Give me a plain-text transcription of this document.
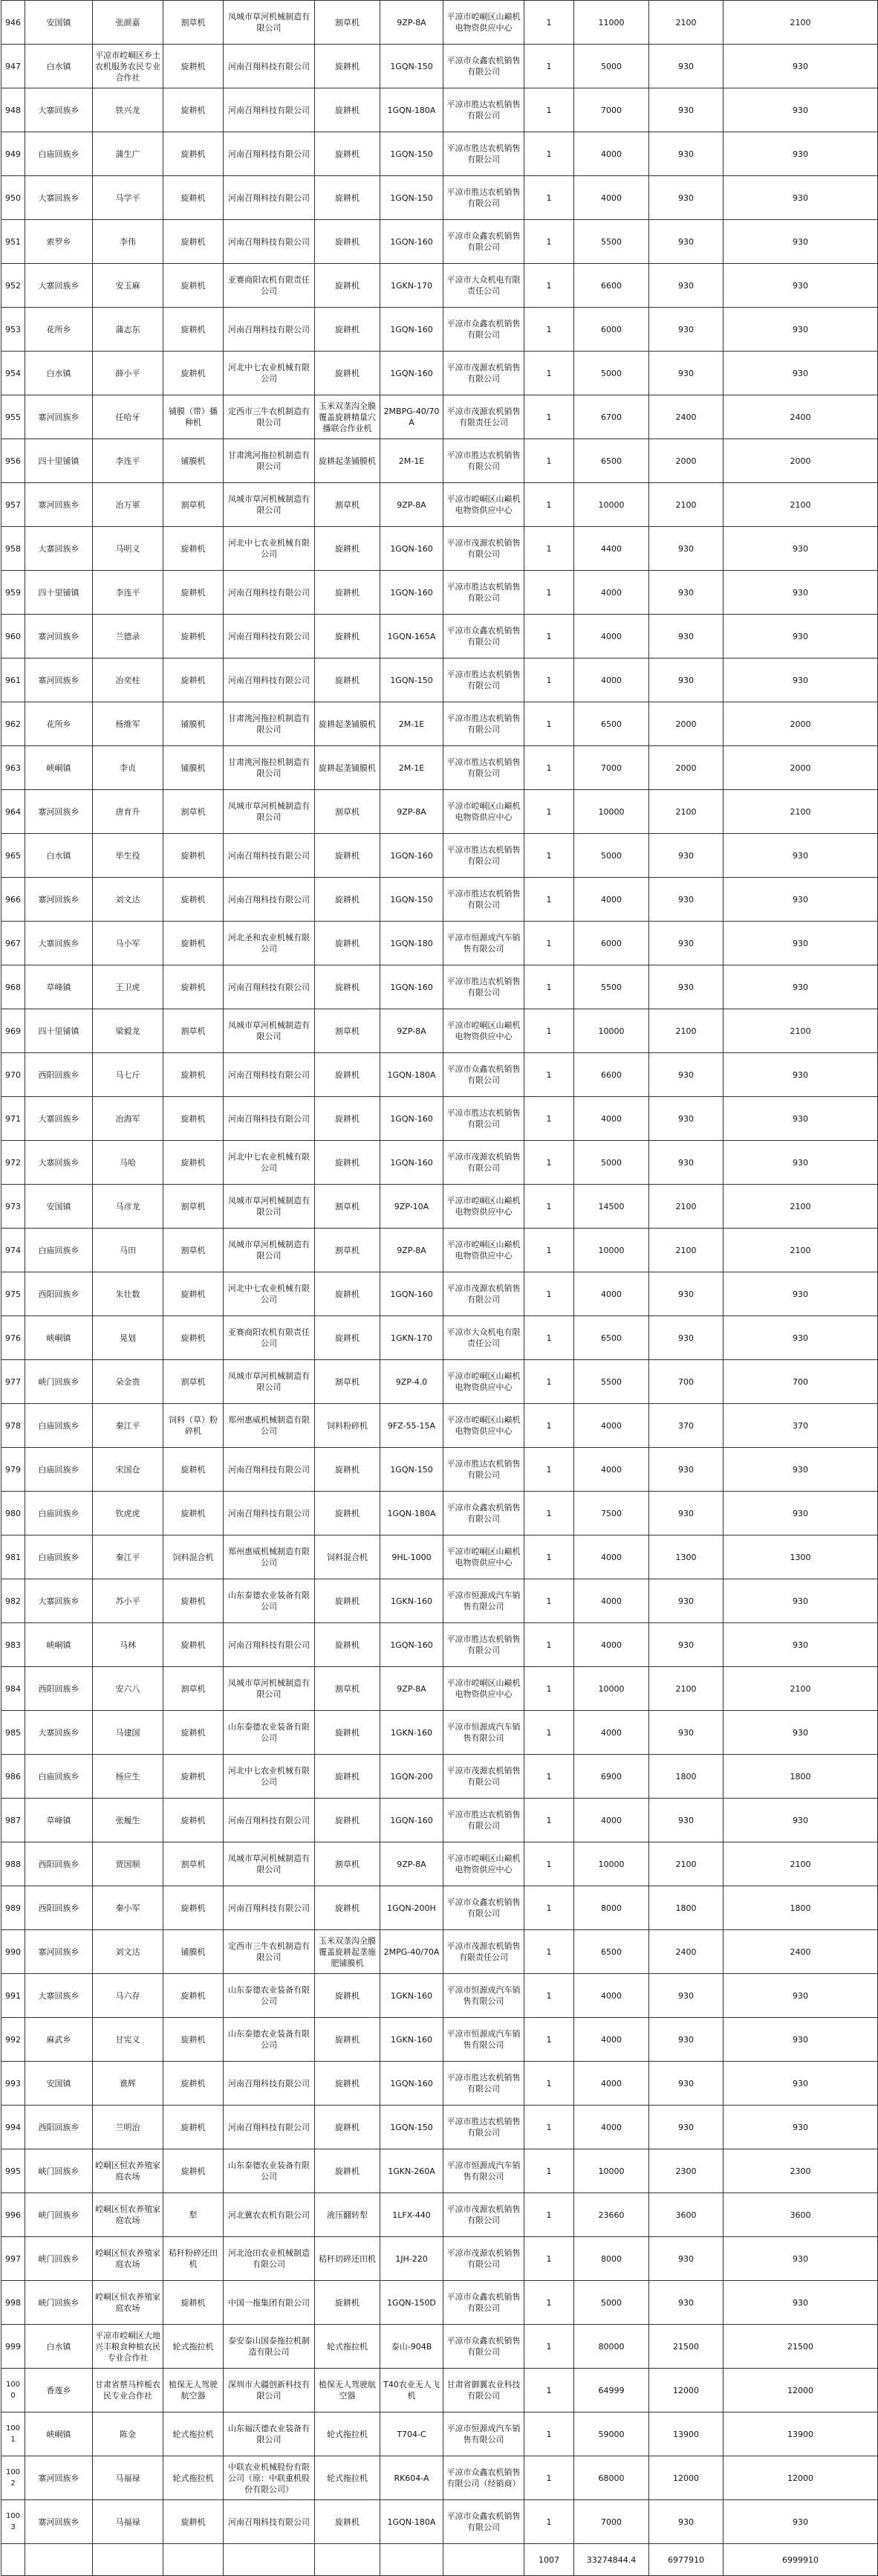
946	安国镇	张颜嘉	割草机	凤城市草河机械制造有限公司	割草机	9ZP-8A	平凉市崆峒区山巅机电物资供应中心	1	11000	2100	2100
947	白水镇	平凉市崆峒区乡土农机服务农民专业合作社	旋耕机	河南召翔科技有限公司	旋耕机	1GQN-150	平凉市众鑫农机销售有限公司	1	5000	930	930
948	大寨回族乡	铁兴龙	旋耕机	河南召翔科技有限公司	旋耕机	1GQN-180A	平凉市胜达农机销售有限公司	1	7000	930	930
949	白庙回族乡	蒲生广	旋耕机	河南召翔科技有限公司	旋耕机	1GQN-150	平凉市胜达农机销售有限公司	1	4000	930	930
950	大寨回族乡	马学平	旋耕机	河南召翔科技有限公司	旋耕机	1GQN-150	平凉市胜达农机销售有限公司	1	4000	930	930
951	索罗乡	李伟	旋耕机	河南召翔科技有限公司	旋耕机	1GQN-160	平凉市众鑫农机销售有限公司	1	5500	930	930
952	大寨回族乡	安玉麻	旋耕机	亚赛商阳农机有限责任公司	旋耕机	1GKN-170	平凉市大众机电有限责任公司	1	6600	930	930
953	花所乡	蒲志东	旋耕机	河南召翔科技有限公司	旋耕机	1GQN-160	平凉市众鑫农机销售有限公司	1	6000	930	930
954	白水镇	薛小平	旋耕机	河北中七农业机械有限公司	旋耕机	1GQN-160	平凉市茂源农机销售有限公司	1	5000	930	930
955	寨河回族乡	任哈牙	铺膜（带）播种机	定西市三牛农机制造有限公司	玉米双垄沟全膜覆盖旋耕精量穴播联合作业机	2MBPG-40/70A	平凉市茂源农机销售有限责任公司	1	6700	2400	2400
956	四十里铺镇	李连平	铺膜机	甘肃洮河拖拉机制造有限公司	旋耕起垄铺膜机	2M-1E	平凉市胜达农机销售有限公司	1	6500	2000	2000
957	寨河回族乡	冶万軍	割草机	凤城市草河机械制造有限公司	割草机	9ZP-8A	平凉市崆峒区山巅机电物资供应中心	1	10000	2100	2100
958	大寨回族乡	马明义	旋耕机	河北中七农业机械有限公司	旋耕机	1GQN-160	平凉市茂源农机销售有限公司	1	4400	930	930
959	四十里铺镇	李连平	旋耕机	河南召翔科技有限公司	旋耕机	1GQN-160	平凉市胜达农机销售有限公司	1	4000	930	930
960	寨河回族乡	兰德录	旋耕机	河南召翔科技有限公司	旋耕机	1GQN-165A	平凉市众鑫农机销售有限公司	1	4000	930	930
961	寨河回族乡	冶奕柱	旋耕机	河南召翔科技有限公司	旋耕机	1GQN-150	平凉市胜达农机销售有限公司	1	4000	930	930
962	花所乡	杨維军	铺膜机	甘肃洮河拖拉机制造有限公司	旋耕起垄铺膜机	2M-1E	平凉市胜达农机销售有限公司	1	6500	2000	2000
963	峡峒镇	李贞	铺膜机	甘肃洮河拖拉机制造有限公司	旋耕起垄铺膜机	2M-1E	平凉市胜达农机销售有限公司	1	7000	2000	2000
964	寨河回族乡	唐育升	割草机	凤城市草河机械制造有限公司	割草机	9ZP-8A	平凉市崆峒区山巅机电物资供应中心	1	10000	2100	2100
965	白水镇	毕生役	旋耕机	河南召翔科技有限公司	旋耕机	1GQN-160	平凉市胜达农机销售有限公司	1	5000	930	930
966	寨河回族乡	刘文达	旋耕机	河南召翔科技有限公司	旋耕机	1GQN-150	平凉市胜达农机销售有限公司	1	4000	930	930
967	大寨回族乡	马小军	旋耕机	河北圣和农业机械有限公司	旋耕机	1GQN-180	平凉市恒源成汽车销售有限公司	1	6000	930	930
968	草峰镇	王卫虎	旋耕机	河南召翔科技有限公司	旋耕机	1GQN-160	平凉市胜达农机销售有限公司	1	5500	930	930
969	四十里铺镇	梁毅龙	割草机	凤城市草河机械制造有限公司	割草机	9ZP-8A	平凉市崆峒区山巅机电物资供应中心	1	10000	2100	2100
970	西阳回族乡	马七斤	旋耕机	河南召翔科技有限公司	旋耕机	1GQN-180A	平凉市众鑫农机销售有限公司	1	6600	930	930
971	大寨回族乡	冶海军	旋耕机	河南召翔科技有限公司	旋耕机	1GQN-160	平凉市胜达农机销售有限公司	1	4000	930	930
972	大寨回族乡	马哈	旋耕机	河北中七农业机械有限公司	旋耕机	1GQN-160	平凉市茂源农机销售有限公司	1	5000	930	930
973	安国镇	马彦龙	割草机	凤城市草河机械制造有限公司	割草机	9ZP-10A	平凉市崆峒区山巅机电物资供应中心	1	14500	2100	2100
974	白庙回族乡	马田	割草机	凤城市草河机械制造有限公司	割草机	9ZP-8A	平凉市崆峒区山巅机电物资供应中心	1	10000	2100	2100
975	西阳回族乡	朱壮数	旋耕机	河北中七农业机械有限公司	旋耕机	1GQN-160	平凉市茂源农机销售有限公司	1	4000	930	930
976	峡峒镇	晃划	旋耕机	亚赛商阳农机有限责任公司	旋耕机	1GKN-170	平凉市大众机电有限责任公司	1	6500	930	930
977	峡门回族乡	朵金贵	割草机	凤城市草河机械制造有限公司	割草机	9ZP-4.0	平凉市崆峒区山巅机电物资供应中心	1	5500	700	700
978	白庙回族乡	秦江平	饲料（草）粉碎机	郑州惠威机械制造有限公司	饲料粉碎机	9FZ-55-15A	平凉市崆峒区山巅机电物资供应中心	1	4000	370	370
979	白庙回族乡	宋国仓	旋耕机	河南召翔科技有限公司	旋耕机	1GQN-150	平凉市胜达农机销售有限公司	1	4000	930	930
980	白庙回族乡	钦虎虎	旋耕机	河南召翔科技有限公司	旋耕机	1GQN-180A	平凉市众鑫农机销售有限公司	1	7500	930	930
981	白庙回族乡	秦江平	饲料混合机	郑州惠威机械制造有限公司	饲料混合机	9HL-1000	平凉市崆峒区山巅机电物资供应中心	1	4000	1300	1300
982	大寨回族乡	苏小平	旋耕机	山东泰德农业装备有限公司	旋耕机	1GKN-160	平凉市恒源成汽车销售有限公司	1	4000	930	930
983	峡峒镇	马林	旋耕机	河南召翔科技有限公司	旋耕机	1GQN-160	平凉市胜达农机销售有限公司	1	4000	930	930
984	西阳回族乡	安六八	割草机	凤城市草河机械制造有限公司	割草机	9ZP-8A	平凉市崆峒区山巅机电物资供应中心	1	10000	2100	2100
985	大寨回族乡	马建国	旋耕机	山东泰德农业装备有限公司	旋耕机	1GKN-160	平凉市恒源成汽车销售有限公司	1	4000	930	930
986	白庙回族乡	杨应生	旋耕机	河北中七农业机械有限公司	旋耕机	1GQN-200	平凉市茂源农机销售有限公司	1	6900	1800	1800
987	草峰镇	张履生	旋耕机	河南召翔科技有限公司	旋耕机	1GQN-160	平凉市胜达农机销售有限公司	1	4000	930	930
988	西阳回族乡	贾国顺	割草机	凤城市草河机械制造有限公司	割草机	9ZP-8A	平凉市崆峒区山巅机电物资供应中心	1	10000	2100	2100
989	西阳回族乡	秦小军	旋耕机	河南召翔科技有限公司	旋耕机	1GQN-200H	平凉市众鑫农机销售有限公司	1	8000	1800	1800
990	寨河回族乡	刘文达	铺膜机	定西市三牛农机制造有限公司	玉米双垄沟全膜覆盖旋耕起垄施肥铺膜机	2MPG-40/70A	平凉市茂源农机销售有限责任公司	1	6500	2400	2400
991	大寨回族乡	马六存	旋耕机	山东泰德农业装备有限公司	旋耕机	1GKN-160	平凉市恒源成汽车销售有限公司	1	4000	930	930
992	麻武乡	甘宪义	旋耕机	山东泰德农业装备有限公司	旋耕机	1GKN-160	平凉市恒源成汽车销售有限公司	1	4000	930	930
993	安国镇	谯辉	旋耕机	河南召翔科技有限公司	旋耕机	1GQN-160	平凉市胜达农机销售有限公司	1	4000	930	930
994	西阳回族乡	兰明治	旋耕机	河南召翔科技有限公司	旋耕机	1GQN-150	平凉市胜达农机销售有限公司	1	4000	930	930
995	峡门回族乡	崆峒区恒农养殖家庭农场	旋耕机	山东泰德农业装备有限公司	旋耕机	1GKN-260A	平凉市恒源成汽车销售有限公司	1	10000	2300	2300
996	峡门回族乡	崆峒区恒农养殖家庭农场	犁	河北冀农农机有限公司	液压翻转犁	1LFX-440	平凉市茂源农机销售有限公司	1	23660	3600	3600
997	峡门回族乡	崆峒区恒农养殖家庭农场	秸秆粉碎还田机	河北沧田农业机械制造有限公司	秸秆切碎还田机	1JH-220	平凉市茂源农机销售有限公司	1	8000	930	930
998	峡门回族乡	崆峒区恒农养殖家庭农场	旋耕机	中国一拖集团有限公司	旋耕机	1GQN-150D	平凉市众鑫农机销售有限公司	1	5000	930	930
999	白水镇	平凉市崆峒区大地兴丰粮食种植农民专业合作社	轮式拖拉机	泰安泰山国泰拖拉机制造有限公司	轮式拖拉机	泰山-904B	平凉市众鑫农机销售有限公司	1	80000	21500	21500
1000	香莲乡	甘肃省蔡马梓栀农民专业合作社	植保无人驾驶航空器	深圳市大疆创新科技有限公司	植保无人驾驶航空器	T40农业无人飞机	甘肃省御翼农业科技有限公司	1	64999	12000	12000
1001	峡峒镇	陈金	轮式拖拉机	山东福沃德农业装备有限公司	轮式拖拉机	T704-C	平凉市恒源成汽车销售有限公司	1	59000	13900	13900
1002	寨河回族乡	马福禄	轮式拖拉机	中联农业机械股份有限公司（原：中联重机股份有限公司）	轮式拖拉机	RK604-A	平凉市众鑫农机销售有限公司（经销商）	1	68000	12000	12000
1003	寨河回族乡	马福禄	旋耕机	河南召翔科技有限公司	旋耕机	1GQN-180A	平凉市众鑫农机销售有限公司	1	7000	930	930
								1007	33274844.4	6977910	6999910
